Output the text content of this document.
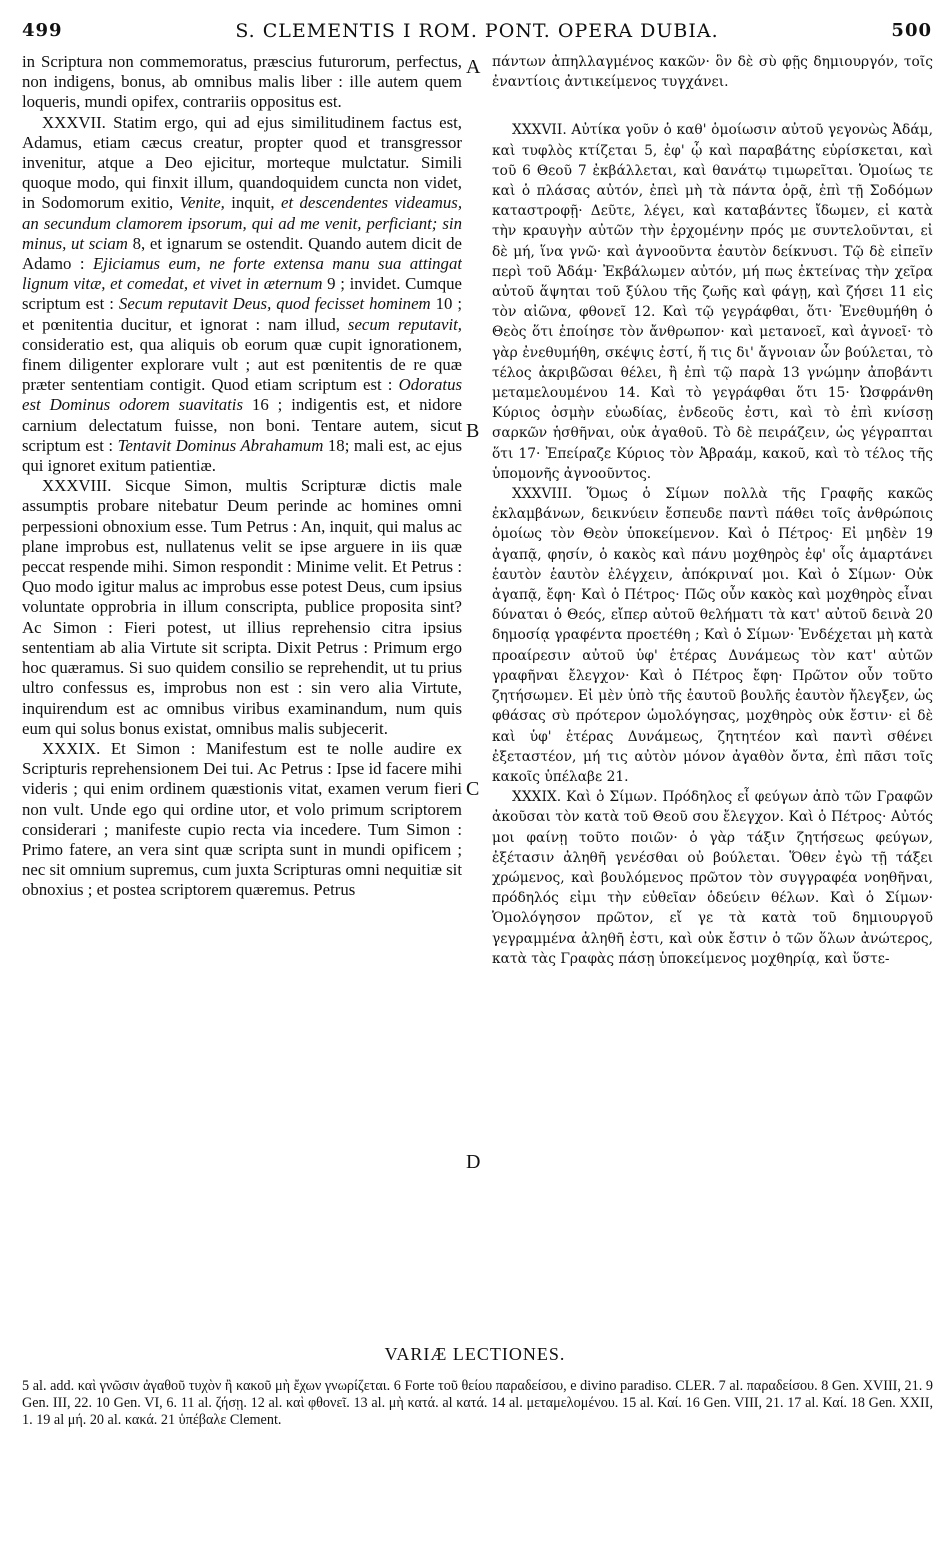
499	S. CLEMENTIS I ROM. PONT. OPERA DUBIA.	500

in Scriptura non commemoratus, præscius futurorum, perfectus, non indigens, bonus, ab omnibus malis liber : ille autem quem loqueris, mundi opifex, contrariis oppositus est.

XXXVII. Statim ergo, qui ad ejus similitudinem factus est, Adamus, etiam cæcus creatur, propter quod et transgressor invenitur, atque a Deo ejicitur, morteque mulctatur. Simili quoque modo, qui finxit illum, quandoquidem cuncta non videt, in Sodomorum exitio, Venite, inquit, et descendentes videamus, an secundum clamorem ipsorum, qui ad me venit, perficiant; sin minus, ut sciam 8, et ignarum se ostendit. Quando autem dicit de Adamo : Ejiciamus eum, ne forte extensa manu sua attingat lignum vitæ, et comedat, et vivet in æternum 9 ; invidet. Cumque scriptum est : Secum reputavit Deus, quod fecisset hominem 10 ; et pœnitentia ducitur, et ignorat : nam illud, secum reputavit, consideratio est, qua aliquis ob eorum quæ cupit ignorationem, finem diligenter explorare vult ; aut est pœnitentis de re quæ præter sententiam contigit. Quod etiam scriptum est : Odoratus est Dominus odorem suavitatis 16 ; indigentis est, et nidore carnium delectatum fuisse, non boni. Tentare autem, sicut scriptum est : Tentavit Dominus Abrahamum 18; mali est, ac ejus qui ignoret exitum patientiæ.

XXXVIII. Sicque Simon, multis Scripturæ dictis male assumptis probare nitebatur Deum perinde ac homines omni perpessioni obnoxium esse. Tum Petrus : An, inquit, qui malus ac plane improbus est, nullatenus velit se ipse arguere in iis quæ peccat respende mihi. Simon respondit : Minime velit. Et Petrus : Quo modo igitur malus ac improbus esse potest Deus, cum ipsius voluntate opprobria in illum conscripta, publice proposita sint? Ac Simon : Fieri potest, ut illius reprehensio citra ipsius sententiam ab alia Virtute sit scripta. Dixit Petrus : Primum ergo hoc quæramus. Si suo quidem consilio se reprehendit, ut tu prius ultro confessus es, improbus non est : sin vero alia Virtute, inquirendum est ac omnibus viribus examinandum, num quis eum qui solus bonus existat, omnibus malis subjecerit.

XXXIX. Et Simon : Manifestum est te nolle audire ex Scripturis reprehensionem Dei tui. Ac Petrus : Ipse id facere mihi videris ; qui enim ordinem quæstionis vitat, examen verum fieri non vult. Unde ego qui ordine utor, et volo primum scriptorem considerari ; manifeste cupio recta via incedere. Tum Simon : Primo fatere, an vera sint quæ scripta sunt in mundi opificem ; nec sit omnium supremus, cum juxta Scripturas omni nequitiæ sit obnoxius ; et postea scriptorem quæremus. Petrus

A
B
C
D

πάντων ἀπηλλαγμένος κακῶν· ὃν δὲ σὺ φῇς δημιουργόν, τοῖς ἐναντίοις ἀντικείμενος τυγχάνει.

XXXVII. Αὐτίκα γοῦν ὁ καθ' ὁμοίωσιν αὐτοῦ γεγονὼς Ἀδάμ, καὶ τυφλὸς κτίζεται 5, ἐφ' ᾧ καὶ παραβάτης εὑρίσκεται, καὶ τοῦ 6 Θεοῦ 7 ἐκβάλλεται, καὶ θανάτῳ τιμωρεῖται. Ὁμοίως τε καὶ ὁ πλάσας αὐτόν, ἐπεὶ μὴ τὰ πάντα ὁρᾷ, ἐπὶ τῇ Σοδόμων καταστροφῇ· Δεῦτε, λέγει, καὶ καταβάντες ἴδωμεν, εἰ κατὰ τὴν κραυγὴν αὐτῶν τὴν ἐρχομένην πρός με συντελοῦνται, εἰ δὲ μή, ἵνα γνῶ· καὶ ἀγνοοῦντα ἑαυτὸν δείκνυσι. Τῷ δὲ εἰπεῖν περὶ τοῦ Ἀδάμ· Ἐκβάλωμεν αὐτόν, μή πως ἐκτείνας τὴν χεῖρα αὐτοῦ ἅψηται τοῦ ξύλου τῆς ζωῆς καὶ φάγῃ, καὶ ζήσει 11 εἰς τὸν αἰῶνα, φθονεῖ 12. Καὶ τῷ γεγράφθαι, ὅτι· Ἐνεθυμήθη ὁ Θεὸς ὅτι ἐποίησε τὸν ἄνθρωπον· καὶ μετανοεῖ, καὶ ἀγνοεῖ· τὸ γὰρ ἐνεθυμήθη, σκέψις ἐστί, ἥ τις δι' ἄγνοιαν ὧν βούλεται, τὸ τέλος ἀκριβῶσαι θέλει, ἢ ἐπὶ τῷ παρὰ 13 γνώμην ἀποβάντι μεταμελουμένου 14. Καὶ τὸ γεγράφθαι ὅτι 15· Ὠσφράνθη Κύριος ὀσμὴν εὐωδίας, ἐνδεοῦς ἐστι, καὶ τὸ ἐπὶ κνίσσῃ σαρκῶν ἡσθῆναι, οὐκ ἀγαθοῦ. Τὸ δὲ πειράζειν, ὡς γέγραπται ὅτι 17· Ἐπείραζε Κύριος τὸν Ἀβραάμ, κακοῦ, καὶ τὸ τέλος τῆς ὑπομονῆς ἀγνοοῦντος.

XXXVIII. Ὅμως ὁ Σίμων πολλὰ τῆς Γραφῆς κακῶς ἐκλαμβάνων, δεικνύειν ἔσπευδε παντὶ πάθει τοῖς ἀνθρώποις ὁμοίως τὸν Θεὸν ὑποκείμενον. Καὶ ὁ Πέτρος· Εἰ μηδὲν 19 ἀγαπᾷ, φησίν, ὁ κακὸς καὶ πάνυ μοχθηρὸς ἐφ' οἷς ἁμαρτάνει ἑαυτὸν ἑαυτὸν ἐλέγχειν, ἀπόκριναί μοι. Καὶ ὁ Σίμων· Οὐκ ἀγαπᾷ, ἔφη· Καὶ ὁ Πέτρος· Πῶς οὖν κακὸς καὶ μοχθηρὸς εἶναι δύναται ὁ Θεός, εἴπερ αὐτοῦ θελήματι τὰ κατ' αὐτοῦ δεινὰ 20 δημοσίᾳ γραφέντα προετέθη ; Καὶ ὁ Σίμων· Ἐνδέχεται μὴ κατὰ προαίρεσιν αὐτοῦ ὑφ' ἑτέρας Δυνάμεως τὸν κατ' αὐτῶν γραφῆναι ἔλεγχον· Καὶ ὁ Πέτρος ἔφη· Πρῶτον οὖν τοῦτο ζητήσωμεν. Εἰ μὲν ὑπὸ τῆς ἑαυτοῦ βουλῆς ἑαυτὸν ἤλεγξεν, ὡς φθάσας σὺ πρότερον ὡμολόγησας, μοχθηρὸς οὐκ ἔστιν· εἰ δὲ καὶ ὑφ' ἑτέρας Δυνάμεως, ζητητέον καὶ παντὶ σθένει ἐξεταστέον, μή τις αὐτὸν μόνον ἀγαθὸν ὄντα, ἐπὶ πᾶσι τοῖς κακοῖς ὑπέλαβε 21.

XXXIX. Καὶ ὁ Σίμων. Πρόδηλος εἶ φεύγων ἀπὸ τῶν Γραφῶν ἀκοῦσαι τὸν κατὰ τοῦ Θεοῦ σου ἔλεγχον. Καὶ ὁ Πέτρος· Αὐτός μοι φαίνῃ τοῦτο ποιῶν· ὁ γὰρ τάξιν ζητήσεως φεύγων, ἐξέτασιν ἀληθῆ γενέσθαι οὐ βούλεται. Ὅθεν ἐγὼ τῇ τάξει χρώμενος, καὶ βουλόμενος πρῶτον τὸν συγγραφέα νοηθῆναι, πρόδηλός εἰμι τὴν εὐθεῖαν ὁδεύειν θέλων. Καὶ ὁ Σίμων· Ὁμολόγησον πρῶτον, εἴ γε τὰ κατὰ τοῦ δημιουργοῦ γεγραμμένα ἀληθῆ ἐστι, καὶ οὐκ ἔστιν ὁ τῶν ὅλων ἀνώτερος, κατὰ τὰς Γραφὰς πάσῃ ὑποκείμενος μοχθηρίᾳ, καὶ ὕστε-

VARIÆ LECTIONES.
5 al. add. καὶ γνῶσιν ἀγαθοῦ τυχὸν ἢ κακοῦ μὴ ἔχων γνωρίζεται. 6 Forte τοῦ θείου παραδείσου, e divino paradiso. CLER. 7 al. παραδείσου. 8 Gen. XVIII, 21. 9 Gen. III, 22. 10 Gen. VI, 6. 11 al. ζήσῃ. 12 al. καὶ φθονεῖ. 13 al. μὴ κατά. al κατά. 14 al. μεταμελομένου. 15 al. Καί. 16 Gen. VIII, 21. 17 al. Καί. 18 Gen. XXII, 1. 19 al μή. 20 al. κακά. 21 ὑπέβαλε Clement.
